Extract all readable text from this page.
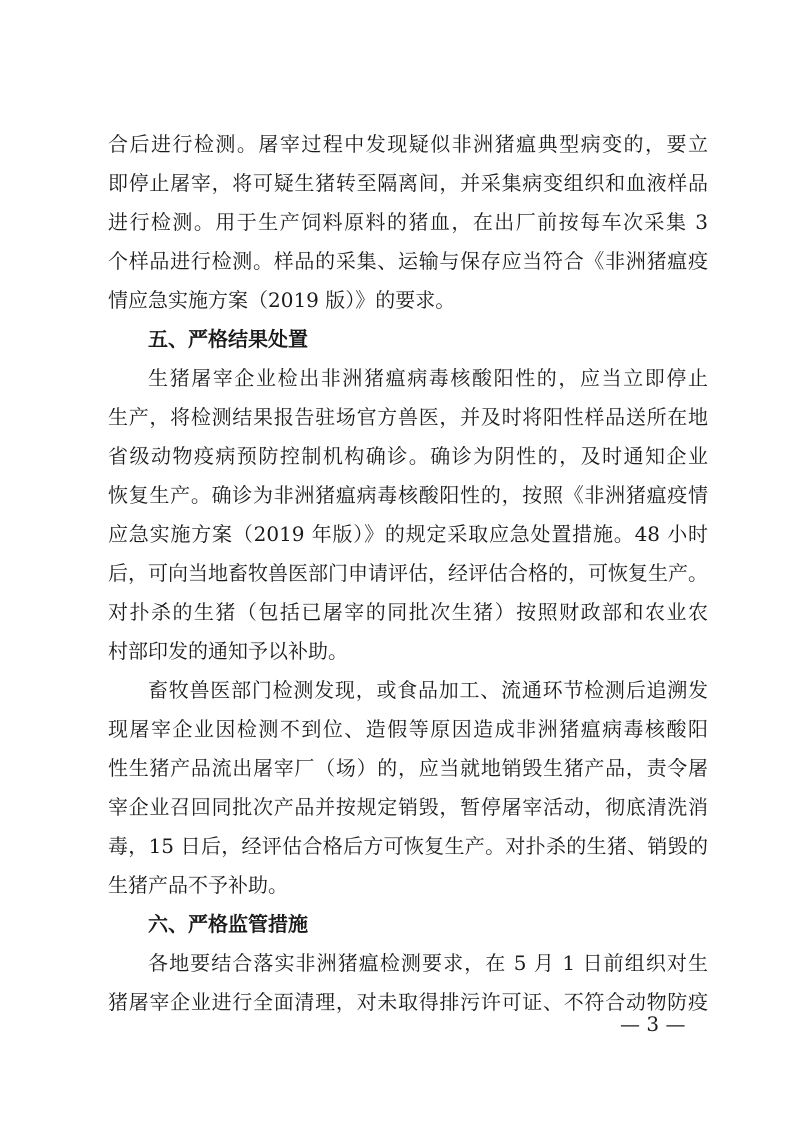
合后进行检测。屠宰过程中发现疑似非洲猪瘟典型病变的，要立
即停止屠宰，将可疑生猪转至隔离间，并采集病变组织和血液样品
进行检测。用于生产饲料原料的猪血，在出厂前按每车次采集 3
个样品进行检测。样品的采集、运输与保存应当符合《非洲猪瘟疫
情应急实施方案（2019 版）》的要求。
五、严格结果处置
生猪屠宰企业检出非洲猪瘟病毒核酸阳性的，应当立即停止
生产，将检测结果报告驻场官方兽医，并及时将阳性样品送所在地
省级动物疫病预防控制机构确诊。确诊为阴性的，及时通知企业
恢复生产。确诊为非洲猪瘟病毒核酸阳性的，按照《非洲猪瘟疫情
应急实施方案（2019 年版）》的规定采取应急处置措施。48 小时
后，可向当地畜牧兽医部门申请评估，经评估合格的，可恢复生产。
对扑杀的生猪（包括已屠宰的同批次生猪）按照财政部和农业农
村部印发的通知予以补助。
畜牧兽医部门检测发现，或食品加工、流通环节检测后追溯发
现屠宰企业因检测不到位、造假等原因造成非洲猪瘟病毒核酸阳
性生猪产品流出屠宰厂（场）的，应当就地销毁生猪产品，责令屠
宰企业召回同批次产品并按规定销毁，暂停屠宰活动，彻底清洗消
毒，15 日后，经评估合格后方可恢复生产。对扑杀的生猪、销毁的
生猪产品不予补助。
六、严格监管措施
各地要结合落实非洲猪瘟检测要求，在 5 月 1 日前组织对生
猪屠宰企业进行全面清理，对未取得排污许可证、不符合动物防疫
— 3 —
